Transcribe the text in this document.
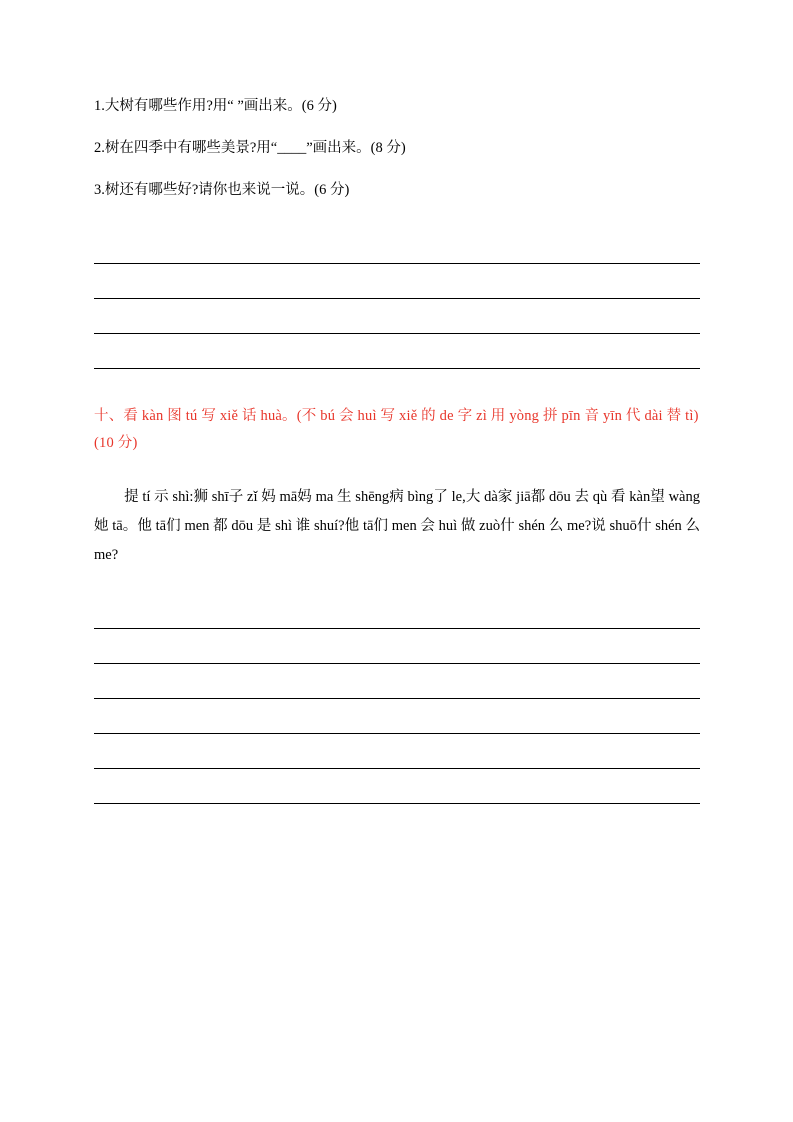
1.大树有哪些作用?用“ ”画出来。(6 分)
2.树在四季中有哪些美景?用“____”画出来。(8 分)
3.树还有哪些好?请你也来说一说。(6 分)
十、看 kàn 图 tú 写 xiě 话 huà。(不 bú 会 huì 写 xiě 的 de 字 zì 用 yòng 拼 pīn 音 yīn 代 dài 替 tì)(10 分)
提 tí 示 shì:狮 shī子 zǐ 妈 mā妈 ma 生 shēng病 bìng了 le,大 dà家 jiā都 dōu 去 qù 看 kàn望 wàng她 tā。他 tā们 men 都 dōu 是 shì 谁 shuí?他 tā们 men 会 huì 做 zuò什 shén 么 me?说 shuō什 shén 么 me?
